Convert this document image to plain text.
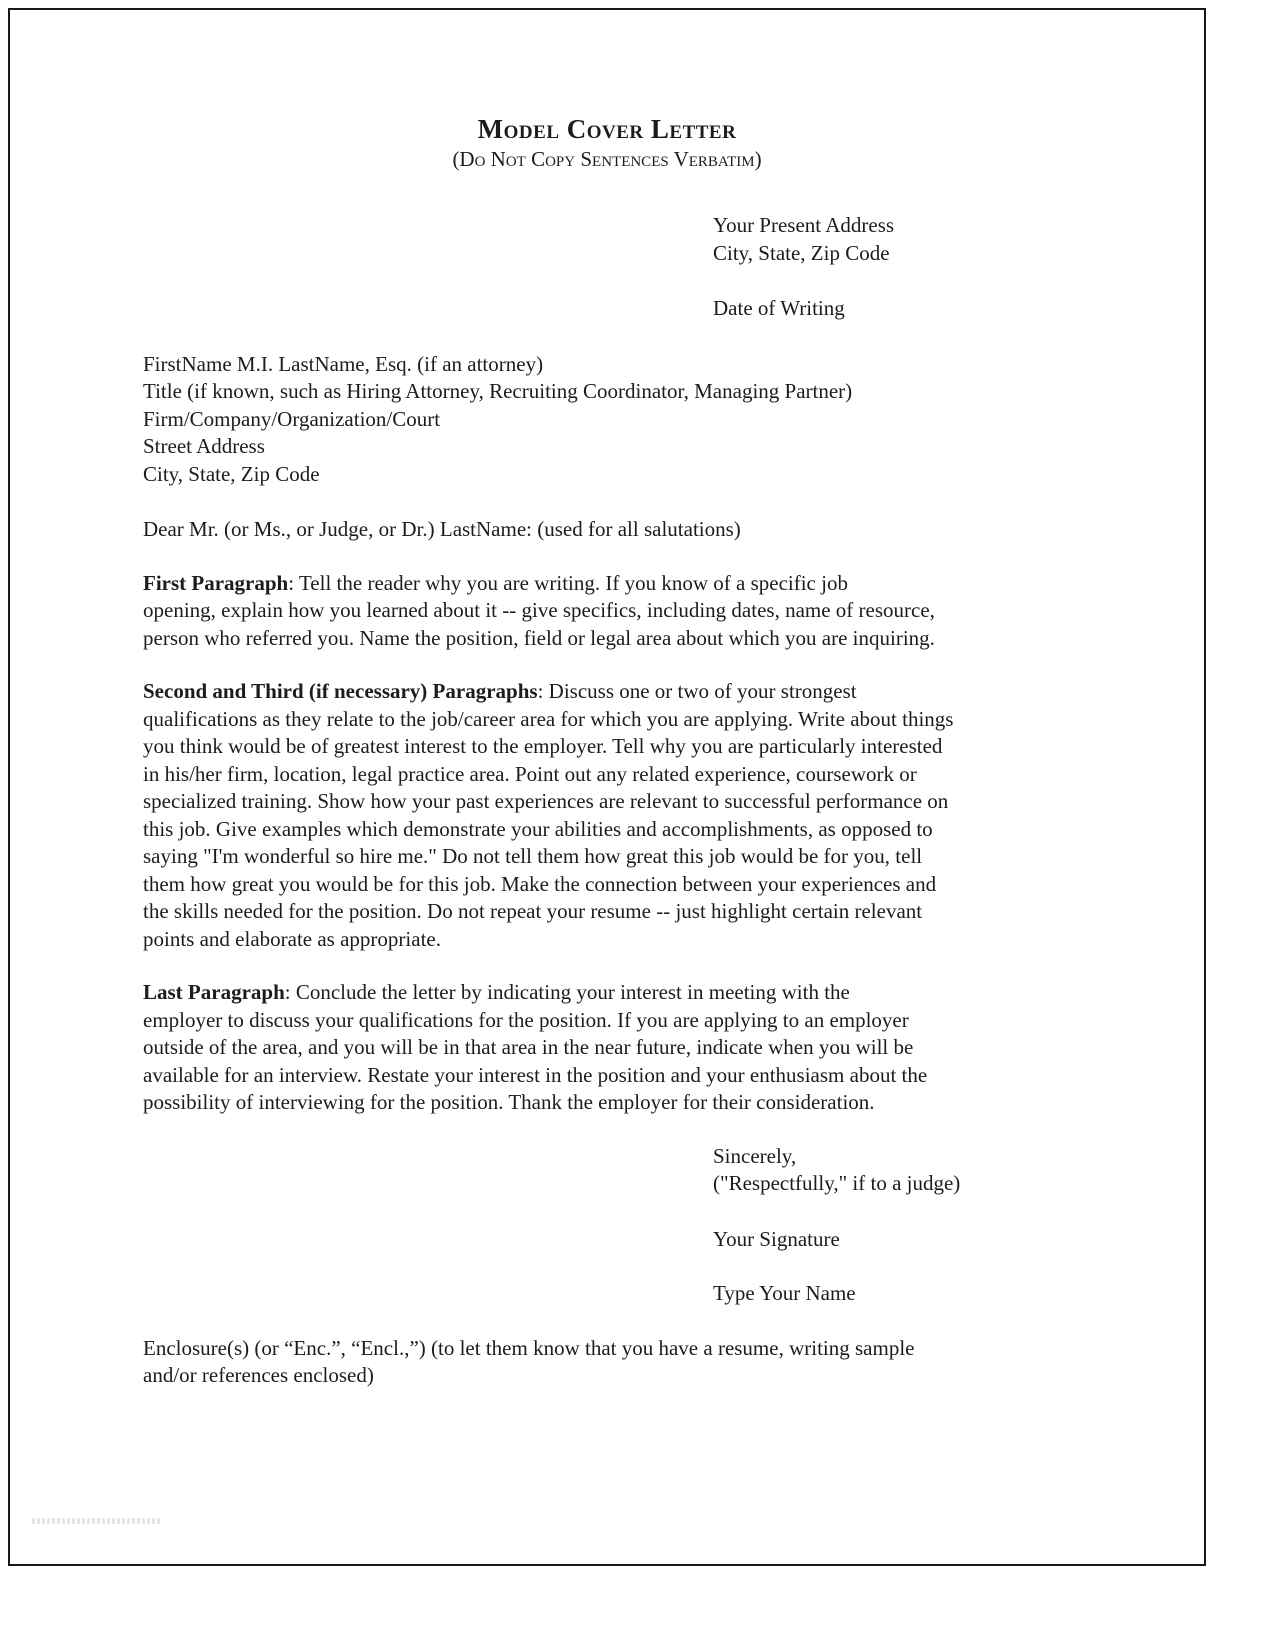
Model Cover Letter
(Do Not Copy Sentences Verbatim)
Your Present Address
City, State, Zip Code
Date of Writing
FirstName M.I. LastName, Esq. (if an attorney)
Title (if known, such as Hiring Attorney, Recruiting Coordinator, Managing Partner)
Firm/Company/Organization/Court
Street Address
City, State, Zip Code
Dear Mr. (or Ms., or Judge, or Dr.) LastName: (used for all salutations)
First Paragraph: Tell the reader why you are writing. If you know of a specific job
opening, explain how you learned about it -- give specifics, including dates, name of resource,
person who referred you. Name the position, field or legal area about which you are inquiring.
Second and Third (if necessary) Paragraphs: Discuss one or two of your strongest
qualifications as they relate to the job/career area for which you are applying. Write about things
you think would be of greatest interest to the employer. Tell why you are particularly interested
in his/her firm, location, legal practice area. Point out any related experience, coursework or
specialized training. Show how your past experiences are relevant to successful performance on
this job. Give examples which demonstrate your abilities and accomplishments, as opposed to
saying "I'm wonderful so hire me." Do not tell them how great this job would be for you, tell
them how great you would be for this job. Make the connection between your experiences and
the skills needed for the position. Do not repeat your resume -- just highlight certain relevant
points and elaborate as appropriate.
Last Paragraph: Conclude the letter by indicating your interest in meeting with the
employer to discuss your qualifications for the position. If you are applying to an employer
outside of the area, and you will be in that area in the near future, indicate when you will be
available for an interview. Restate your interest in the position and your enthusiasm about the
possibility of interviewing for the position. Thank the employer for their consideration.
Sincerely,
("Respectfully," if to a judge)
Your Signature
Type Your Name
Enclosure(s) (or “Enc.”, “Encl.,”) (to let them know that you have a resume, writing sample
and/or references enclosed)
